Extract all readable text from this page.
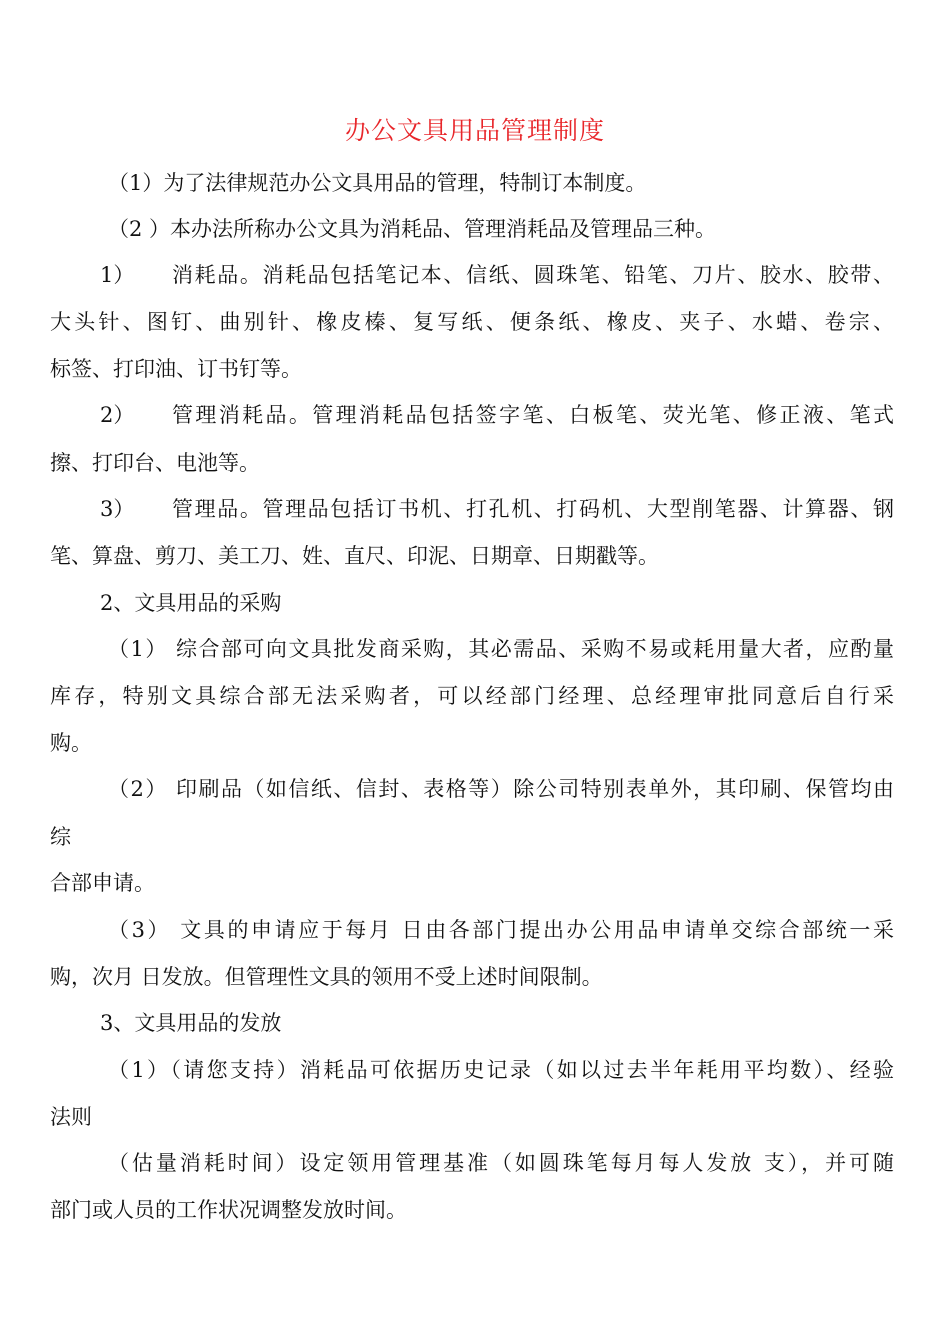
办公文具用品管理制度
（1）为了法律规范办公文具用品的管理，特制订本制度。
（2 ）本办法所称办公文具为消耗品、管理消耗品及管理品三种。
1） 消耗品。消耗品包括笔记本、信纸、圆珠笔、铅笔、刀片、胶水、胶带、
大头针、图钉、曲别针、橡皮榛、复写纸、便条纸、橡皮、夹子、水蜡、卷宗、
标签、打印油、订书钉等。
2） 管理消耗品。管理消耗品包括签字笔、白板笔、荧光笔、修正液、笔式
擦、打印台、电池等。
3） 管理品。管理品包括订书机、打孔机、打码机、大型削笔器、计算器、钢
笔、算盘、剪刀、美工刀、姓、直尺、印泥、日期章、日期戳等。
2、文具用品的采购
（1） 综合部可向文具批发商采购，其必需品、采购不易或耗用量大者，应酌量
库存，特别文具综合部无法采购者，可以经部门经理、总经理审批同意后自行采
购。
（2） 印刷品（如信纸、信封、表格等）除公司特别表单外，其印刷、保管均由
综
合部申请。
（3） 文具的申请应于每月 日由各部门提出办公用品申请单交综合部统一采
购，次月 日发放。但管理性文具的领用不受上述时间限制。
3、文具用品的发放
（1）（请您支持）消耗品可依据历史记录（如以过去半年耗用平均数）、经验
法则
（估量消耗时间）设定领用管理基准（如圆珠笔每月每人发放 支），并可随
部门或人员的工作状况调整发放时间。
